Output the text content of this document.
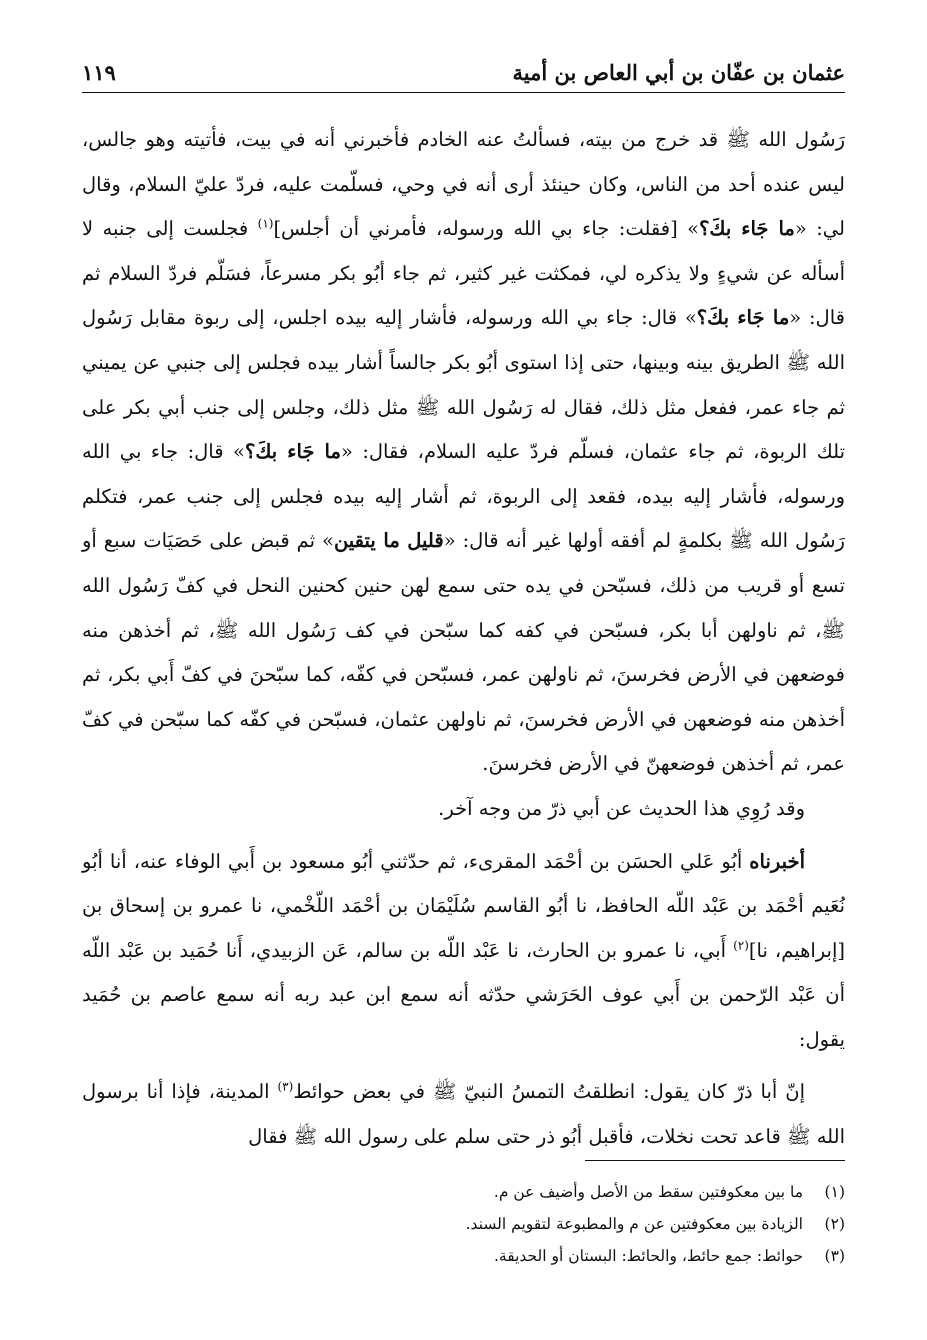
عثمان بن عفّان بن أبي العاص بن أمية
١١٩

رَسُول الله ﷺ قد خرج من بيته، فسألتُ عنه الخادم فأخبرني أنه في بيت، فأتيته وهو جالس، ليس عنده أحد من الناس، وكان حينئذ أرى أنه في وحي، فسلّمت عليه، فردّ عليّ السلام، وقال لي: «ما جَاء بكَ؟» [فقلت: جاء بي الله ورسوله، فأمرني أن أجلس]$^{(١)}$ فجلست إلى جنبه لا أسأله عن شيءٍ ولا يذكره لي، فمكثت غير كثير، ثم جاء أبُو بكر مسرعاً، فسَلّم فردّ السلام ثم قال: «ما جَاء بكَ؟» قال: جاء بي الله ورسوله، فأشار إليه بيده اجلس، إلى ربوة مقابل رَسُول الله ﷺ الطريق بينه وبينها، حتى إذا استوى أبُو بكر جالساً أشار بيده فجلس إلى جنبي عن يميني ثم جاء عمر، ففعل مثل ذلك، فقال له رَسُول الله ﷺ مثل ذلك، وجلس إلى جنب أبي بكر على تلك الربوة، ثم جاء عثمان، فسلّم فردّ عليه السلام، فقال: «ما جَاء بكَ؟» قال: جاء بي الله ورسوله، فأشار إليه بيده، فقعد إلى الربوة، ثم أشار إليه بيده فجلس إلى جنب عمر، فتكلم رَسُول الله ﷺ بكلمةٍ لم أفقه أولها غير أنه قال: «قليل ما يتقين» ثم قبض على حَصَيَات سبع أو تسع أو قريب من ذلك، فسبّحن في يده حتى سمع لهن حنين كحنين النحل في كفّ رَسُول الله ﷺ، ثم ناولهن أبا بكر، فسبّحن في كفه كما سبّحن في كف رَسُول الله ﷺ، ثم أخذهن منه فوضعهن في الأرض فخرسنَ، ثم ناولهن عمر، فسبّحن في كفّه، كما سبّحنَ في كفّ أَبي بكر، ثم أخذهن منه فوضعهن في الأرض فخرسنَ، ثم ناولهن عثمان، فسبّحن في كفّه كما سبّحن في كفّ عمر، ثم أخذهن فوضعهنّ في الأرض فخرسنَ.

وقد رُوِي هذا الحديث عن أبي ذرّ من وجه آخر.

أخبرناه أبُو عَلي الحسَن بن أحْمَد المقرىء، ثم حدّثني أبُو مسعود بن أَبي الوفاء عنه، أنا أبُو نُعَيم أحْمَد بن عَبْد اللّه الحافظ، نا أبُو القاسم سُلَيْمَان بن أحْمَد اللّخْمي، نا عمرو بن إسحاق بن [إبراهيم، نا]$^{(٢)}$ أَبي، نا عمرو بن الحارث، نا عَبْد اللّه بن سالم، عَن الزبيدي، أَنا حُمَيد بن عَبْد اللّه أن عَبْد الرّحمن بن أَبي عوف الحَرَشي حدّثه أنه سمع ابن عبد ربه أنه سمع عاصم بن حُمَيد يقول:

إنّ أبا ذرّ كان يقول: انطلقتُ التمسُ النبيّ ﷺ في بعض حوائط$^{(٣)}$ المدينة، فإذا أنا برسول الله ﷺ قاعد تحت نخلات، فأقبل أبُو ذر حتى سلم على رسول الله ﷺ فقال

(١)
ما بين معكوفتين سقط من الأصل وأضيف عن م.
(٢)
الزيادة بين معكوفتين عن م والمطبوعة لتقويم السند.
(٣)
حوائط: جمع حائط، والحائط: البستان أو الحديقة.
